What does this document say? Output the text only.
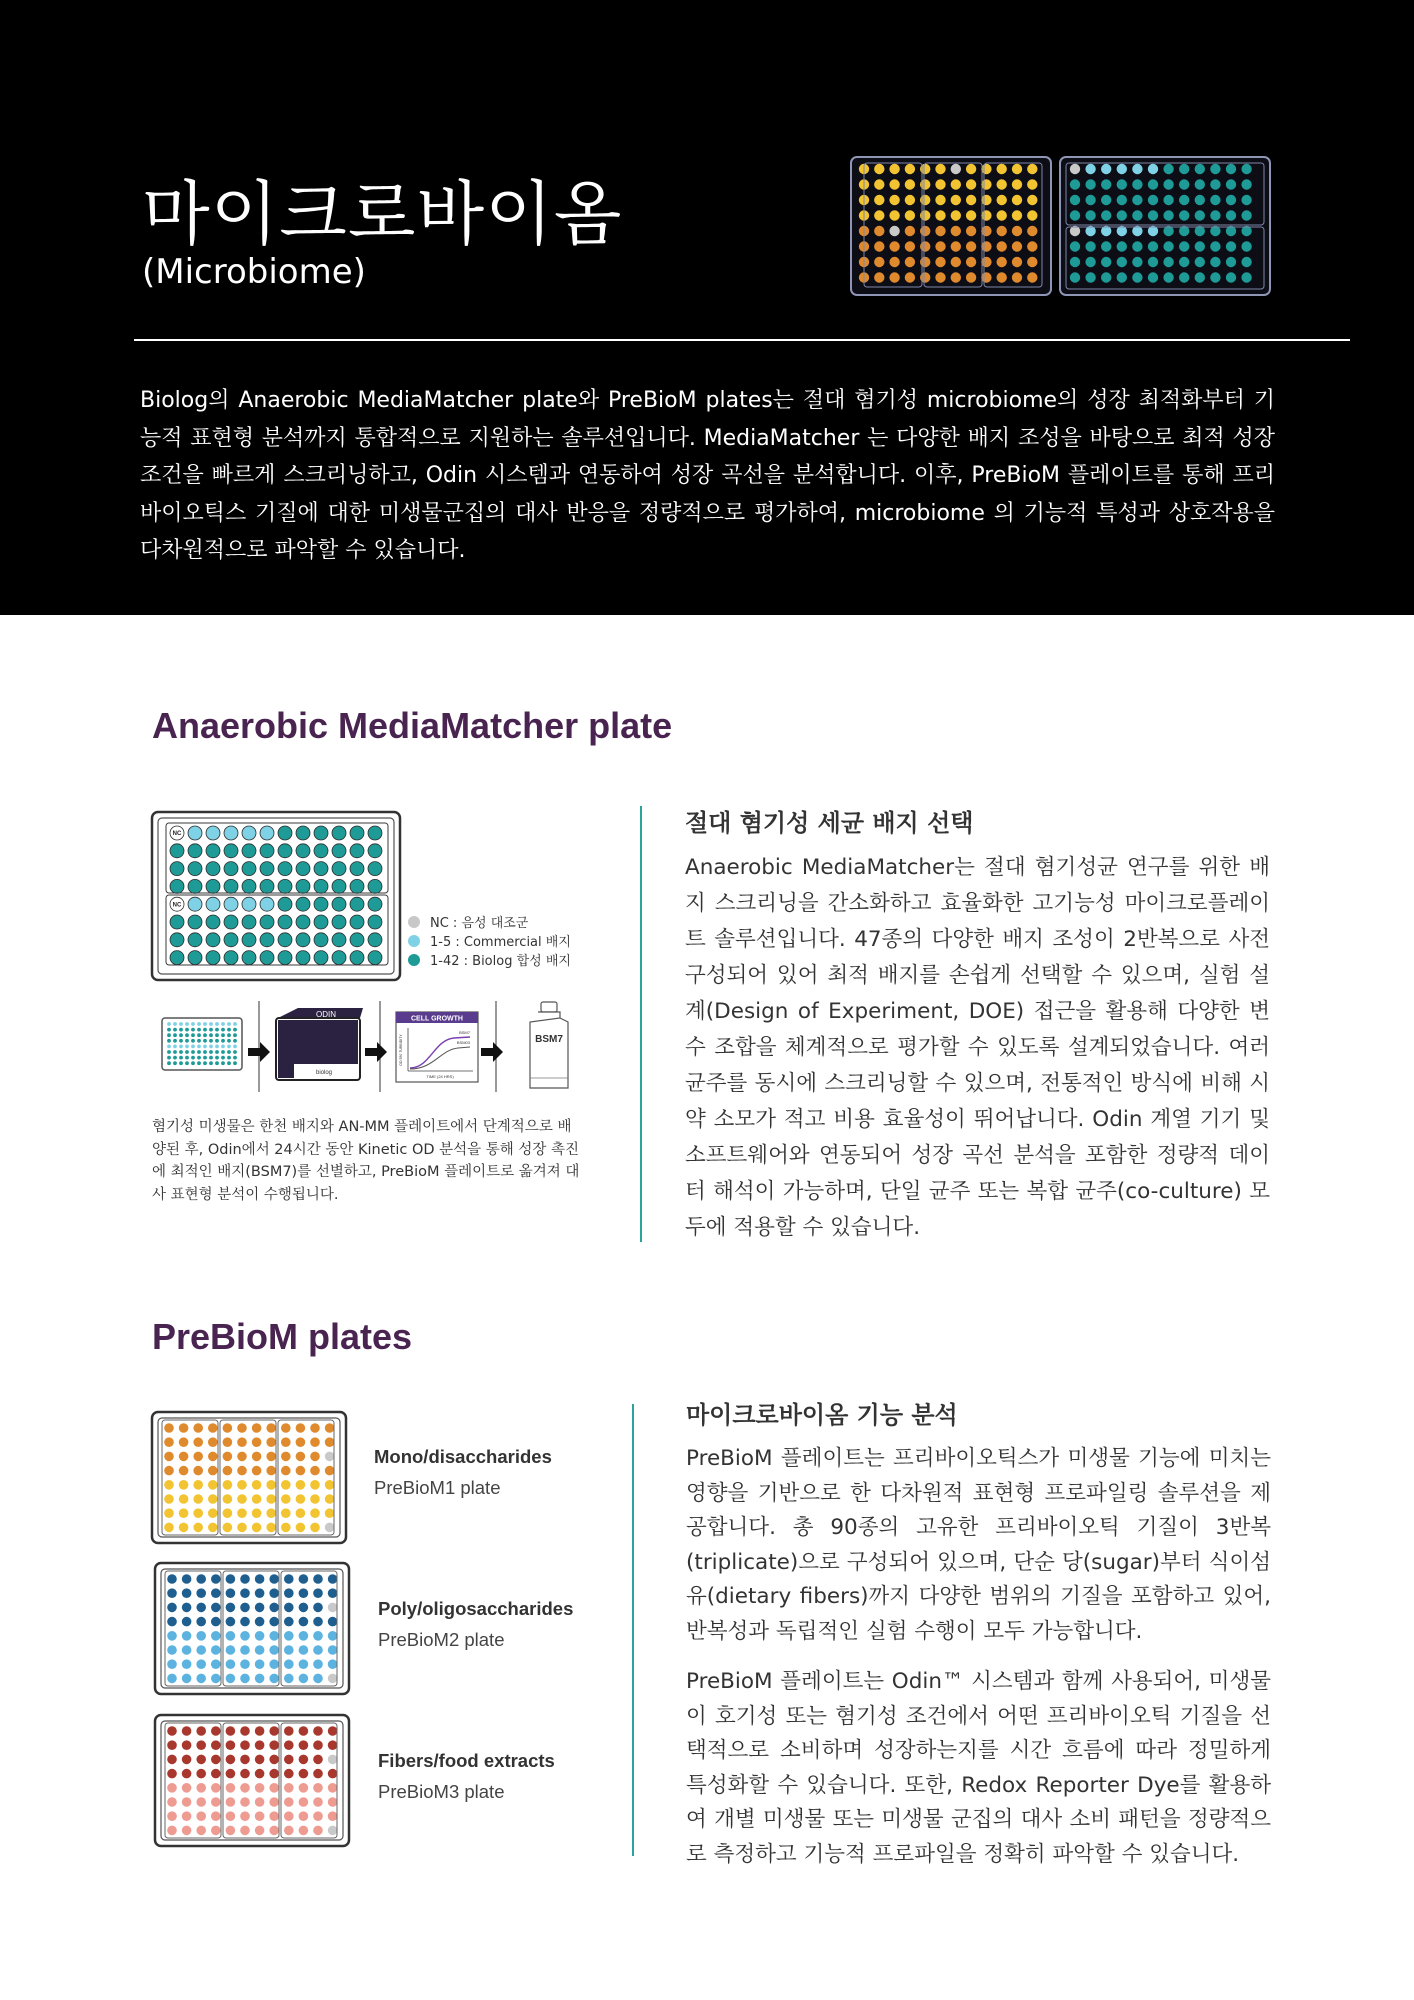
마이크로바이옴
(Microbiome)
Biolog의 Anaerobic MediaMatcher plate와 PreBioM plates는 절대 혐기성 microbiome의 성장 최적화부터 기능적 표현형 분석까지 통합적으로 지원하는 솔루션입니다. MediaMatcher 는 다양한 배지 조성을 바탕으로 최적 성장 조건을 빠르게 스크리닝하고, Odin 시스템과 연동하여 성장 곡선을 분석합니다. 이후, PreBioM 플레이트를 통해 프리바이오틱스 기질에 대한 미생물군집의 대사 반응을 정량적으로 평가하여, microbiome 의 기능적 특성과 상호작용을 다차원적으로 파악할 수 있습니다.
Anaerobic MediaMatcher plate
NC
NC
NC : 음성 대조군
1-5 : Commercial 배지
1-42 : Biolog 합성 배지
ODIN
biolog
CELL GROWTH
OD 590 TURBIDITY
TIME (24 HRS)
BSM7
BSM03	BSM7
혐기성 미생물은 한천 배지와 AN-MM 플레이트에서 단계적으로 배양된 후, Odin에서 24시간 동안 Kinetic OD 분석을 통해 성장 촉진에 최적인 배지(BSM7)를 선별하고, PreBioM 플레이트로 옮겨져 대사 표현형 분석이 수행됩니다.
절대 혐기성 세균 배지 선택
Anaerobic MediaMatcher는 절대 혐기성균 연구를 위한 배지 스크리닝을 간소화하고 효율화한 고기능성 마이크로플레이트 솔루션입니다. 47종의 다양한 배지 조성이 2반복으로 사전 구성되어 있어 최적 배지를 손쉽게 선택할 수 있으며, 실험 설계(Design of Experiment, DOE) 접근을 활용해 다양한 변수 조합을 체계적으로 평가할 수 있도록 설계되었습니다. 여러 균주를 동시에 스크리닝할 수 있으며, 전통적인 방식에 비해 시약 소모가 적고 비용 효율성이 뛰어납니다. Odin 계열 기기 및 소프트웨어와 연동되어 성장 곡선 분석을 포함한 정량적 데이터 해석이 가능하며, 단일 균주 또는 복합 균주(co-culture) 모두에 적용할 수 있습니다.
PreBioM plates
Mono/disaccharides
PreBioM1 plate
Poly/oligosaccharides
PreBioM2 plate
Fibers/food extracts
PreBioM3 plate
마이크로바이옴 기능 분석
PreBioM 플레이트는 프리바이오틱스가 미생물 기능에 미치는 영향을 기반으로 한 다차원적 표현형 프로파일링 솔루션을 제공합니다. 총 90종의 고유한 프리바이오틱 기질이 3반복(triplicate)으로 구성되어 있으며, 단순 당(sugar)부터 식이섬유(dietary fibers)까지 다양한 범위의 기질을 포함하고 있어, 반복성과 독립적인 실험 수행이 모두 가능합니다.
PreBioM 플레이트는 Odin™ 시스템과 함께 사용되어, 미생물이 호기성 또는 혐기성 조건에서 어떤 프리바이오틱 기질을 선택적으로 소비하며 성장하는지를 시간 흐름에 따라 정밀하게 특성화할 수 있습니다. 또한, Redox Reporter Dye를 활용하여 개별 미생물 또는 미생물 군집의 대사 소비 패턴을 정량적으로 측정하고 기능적 프로파일을 정확히 파악할 수 있습니다.
